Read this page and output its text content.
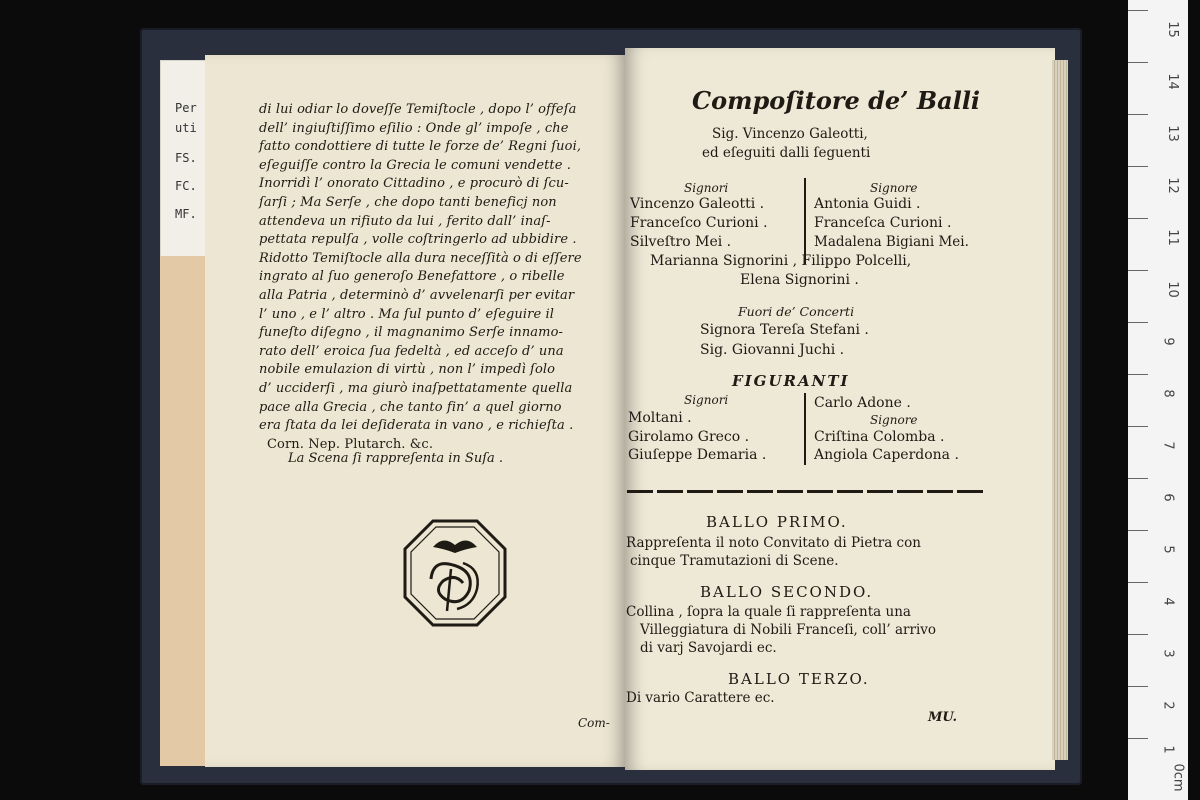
Per
uti
FS.
FC.
MF.
di lui odiar lo doveſſe Temiſtocle , dopo l’ offeſa
dell’ ingiuſtiſſimo eſilio : Onde gl’ impoſe , che
fatto condottiere di tutte le forze de’ Regni ſuoi,
eſeguiſſe contro la Grecia le comuni vendette .
Inorridì l’ onorato Cittadino , e procurò di ſcu-
ſarſi ; Ma Serſe , che dopo tanti beneficj non
attendeva un rifiuto da lui , ferito dall’ inaſ-
pettata repulſa , volle coſtringerlo ad ubbidire .
Ridotto Temiſtocle alla dura neceſſità o di eſſere
ingrato al ſuo generoſo Benefattore , o ribelle
alla Patria , determinò d’ avvelenarſi per evitar
l’ uno , e l’ altro . Ma ſul punto d’ eſeguire il
funeſto diſegno , il magnanimo Serſe innamo-
rato dell’ eroica ſua fedeltà , ed acceſo d’ una
nobile emulazion di virtù , non l’ impedì ſolo
d’ ucciderſi , ma giurò inaſpettatamente quella
pace alla Grecia , che tanto fin’ a quel giorno
era ſtata da lei deſiderata in vano , e richieſta .
Corn. Nep. Plutarch. &c.
La Scena ſi rappreſenta in Suſa .
Com-
Compoſitore de’ Balli
Sig. Vincenzo Galeotti,
ed eſeguiti dalli ſeguenti
Signori	Signore
Vincenzo Galeotti .
Franceſco Curioni .
Silveſtro Mei .
Antonia Guidi .
Franceſca Curioni .
Madalena Bigiani Mei.
Marianna Signorini , Filippo Polcelli,
Elena Signorini .
Fuori de’ Concerti
Signora Tereſa Stefani .
Sig. Giovanni Juchi .
FIGURANTI
Signori	Carlo Adone .
Signore
Moltani .
Girolamo Greco .
Giuſeppe Demaria .
Criſtina Colomba .
Angiola Caperdona .
BALLO PRIMO.
Rappreſenta il noto Convitato di Pietra con
cinque Tramutazioni di Scene.
BALLO SECONDO.
Collina , ſopra la quale ſi rappreſenta una
Villeggiatura di Nobili Franceſi, coll’ arrivo
di varj Savojardi ec.
BALLO TERZO.
Di vario Carattere ec.
MU.
15
14
13
12
11
10
9
8
7
6
5
4
3
2
1
0cm
